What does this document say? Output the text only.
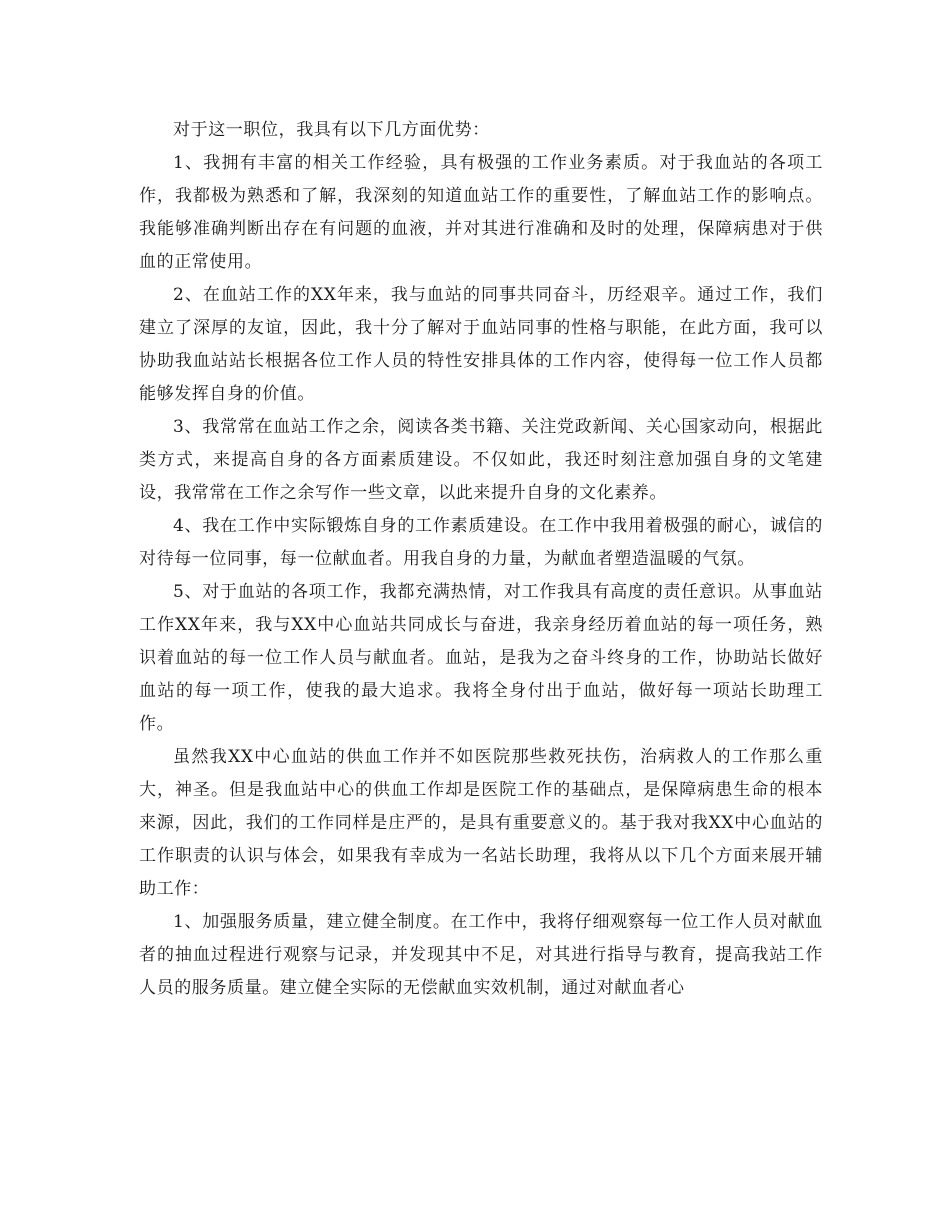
对于这一职位，我具有以下几方面优势：

1、我拥有丰富的相关工作经验，具有极强的工作业务素质。对于我血站的各项工作，我都极为熟悉和了解，我深刻的知道血站工作的重要性，了解血站工作的影响点。我能够准确判断出存在有问题的血液，并对其进行准确和及时的处理，保障病患对于供血的正常使用。

2、在血站工作的XX年来，我与血站的同事共同奋斗，历经艰辛。通过工作，我们建立了深厚的友谊，因此，我十分了解对于血站同事的性格与职能，在此方面，我可以协助我血站站长根据各位工作人员的特性安排具体的工作内容，使得每一位工作人员都能够发挥自身的价值。

3、我常常在血站工作之余，阅读各类书籍、关注党政新闻、关心国家动向，根据此类方式，来提高自身的各方面素质建设。不仅如此，我还时刻注意加强自身的文笔建设，我常常在工作之余写作一些文章，以此来提升自身的文化素养。

4、我在工作中实际锻炼自身的工作素质建设。在工作中我用着极强的耐心，诚信的对待每一位同事，每一位献血者。用我自身的力量，为献血者塑造温暖的气氛。

5、对于血站的各项工作，我都充满热情，对工作我具有高度的责任意识。从事血站工作XX年来，我与XX中心血站共同成长与奋进，我亲身经历着血站的每一项任务，熟识着血站的每一位工作人员与献血者。血站，是我为之奋斗终身的工作，协助站长做好血站的每一项工作，使我的最大追求。我将全身付出于血站，做好每一项站长助理工作。

虽然我XX中心血站的供血工作并不如医院那些救死扶伤，治病救人的工作那么重大，神圣。但是我血站中心的供血工作却是医院工作的基础点，是保障病患生命的根本来源，因此，我们的工作同样是庄严的，是具有重要意义的。基于我对我XX中心血站的工作职责的认识与体会，如果我有幸成为一名站长助理，我将从以下几个方面来展开辅助工作：

1、加强服务质量，建立健全制度。在工作中，我将仔细观察每一位工作人员对献血者的抽血过程进行观察与记录，并发现其中不足，对其进行指导与教育，提高我站工作人员的服务质量。建立健全实际的无偿献血实效机制，通过对献血者心
